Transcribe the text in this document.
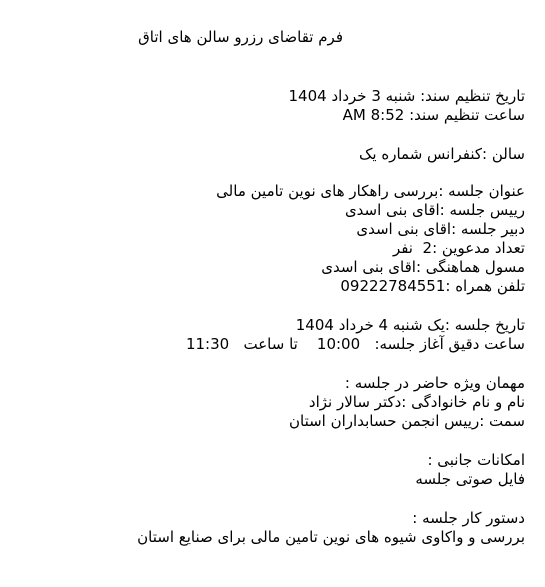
فرم تقاضای رزرو سالن های اتاق
تاریخ تنظیم سند: شنبه 3 خرداد 1404
ساعت تنظیم سند: 8:52 AM
سالن :کنفرانس شماره یک
عنوان جلسه :بررسی راهکار های نوین تامین مالی
رییس جلسه :اقای بنی اسدی
دبیر جلسه :اقای بنی اسدی
تعداد مدعوین :2  نفر
مسول هماهنگی :اقای بنی اسدی
تلفن همراه :09222784551
تاریخ جلسه :یک شنبه 4 خرداد 1404
ساعت دقیق آغاز جلسه:   10:00    تا ساعت   11:30
مهمان ویژه حاضر در جلسه :
نام و نام خانوادگی :دکتر سالار نژاد
سمت :رییس انجمن حسابداران استان
امکانات جانبی :
فایل صوتی جلسه
دستور کار جلسه :
بررسی و واکاوی شیوه های نوین تامین مالی برای صنایع استان
